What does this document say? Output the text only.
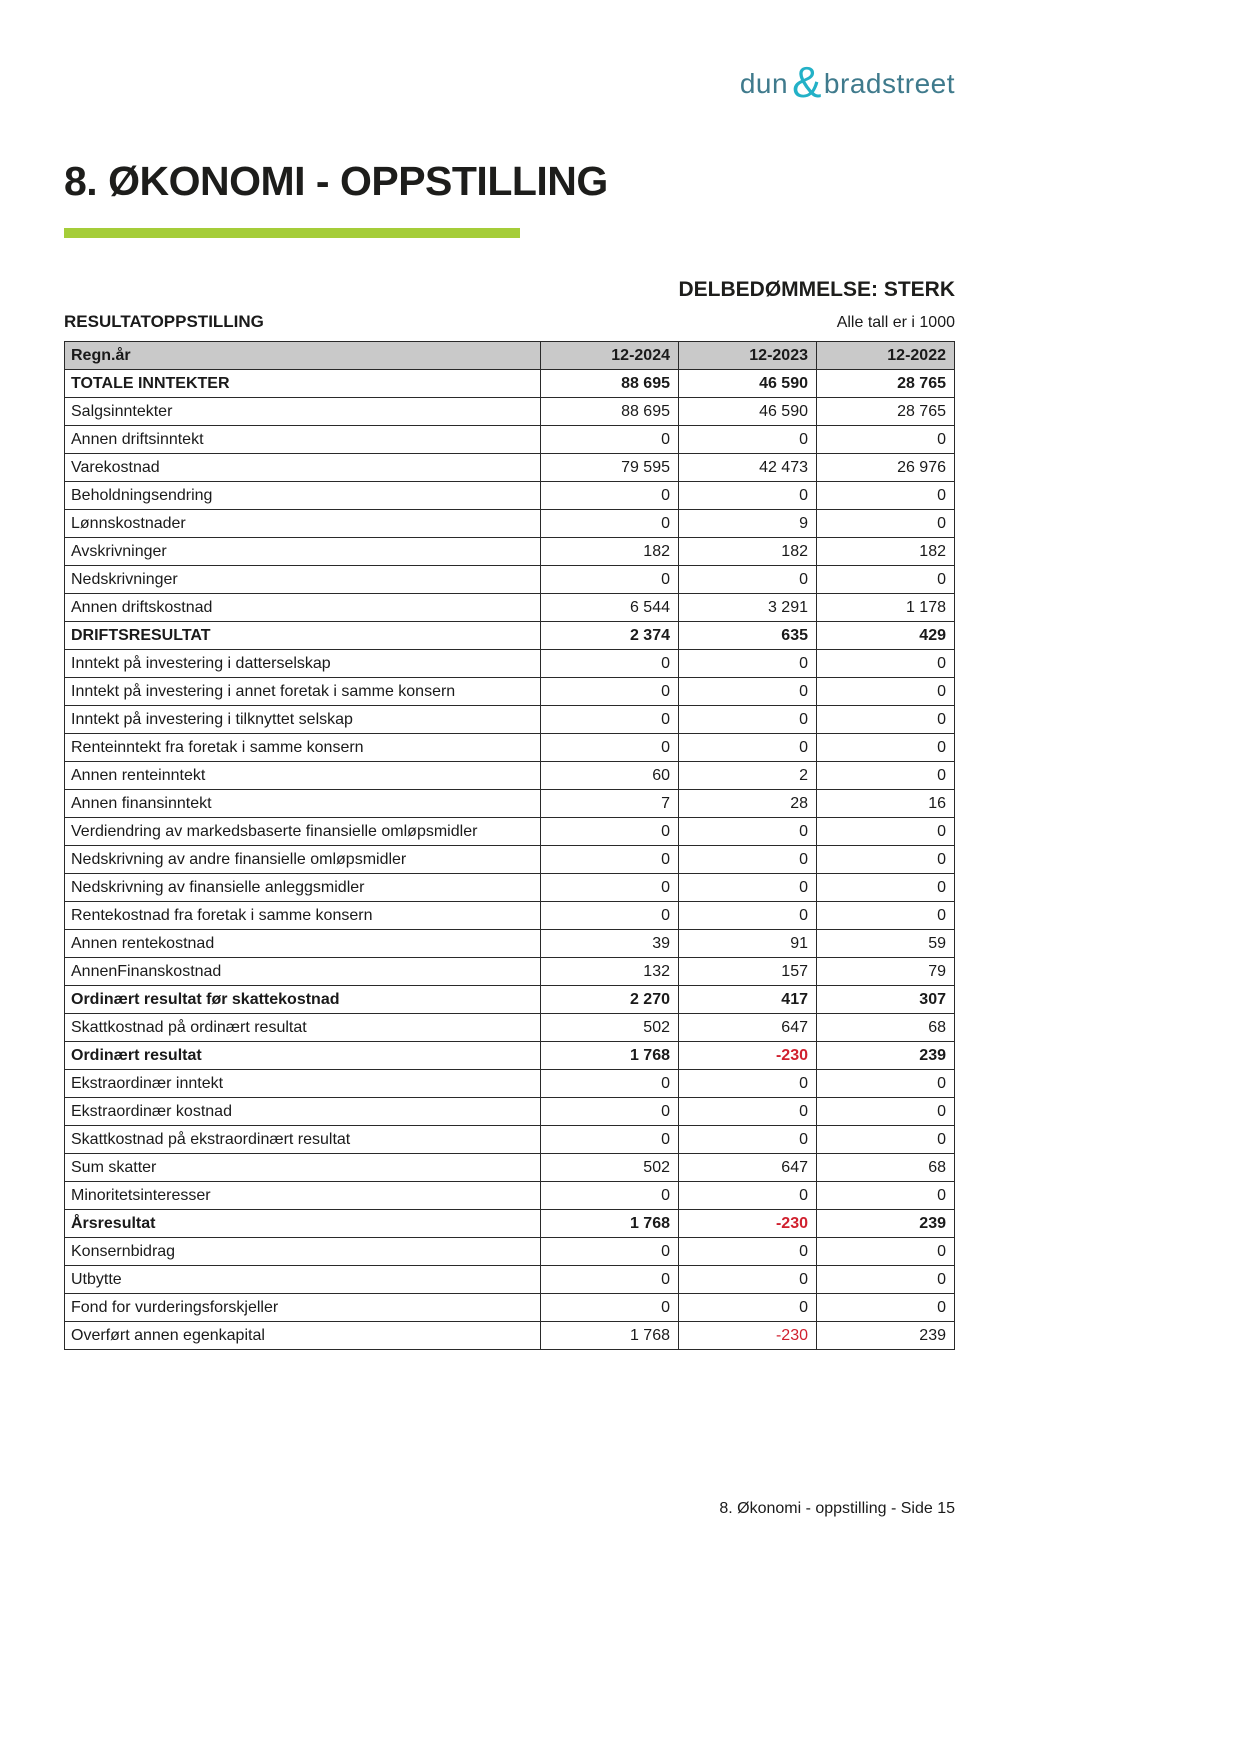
dun & bradstreet
8. ØKONOMI - OPPSTILLING
DELBEDØMMELSE: STERK
RESULTATOPPSTILLING	Alle tall er i 1000
Regn.år	12-2024	12-2023	12-2022
TOTALE INNTEKTER	88 695	46 590	28 765
Salgsinntekter	88 695	46 590	28 765
Annen driftsinntekt	0	0	0
Varekostnad	79 595	42 473	26 976
Beholdningsendring	0	0	0
Lønnskostnader	0	9	0
Avskrivninger	182	182	182
Nedskrivninger	0	0	0
Annen driftskostnad	6 544	3 291	1 178
DRIFTSRESULTAT	2 374	635	429
Inntekt på investering i datterselskap	0	0	0
Inntekt på investering i annet foretak i samme konsern	0	0	0
Inntekt på investering i tilknyttet selskap	0	0	0
Renteinntekt fra foretak i samme konsern	0	0	0
Annen renteinntekt	60	2	0
Annen finansinntekt	7	28	16
Verdiendring av markedsbaserte finansielle omløpsmidler	0	0	0
Nedskrivning av andre finansielle omløpsmidler	0	0	0
Nedskrivning av finansielle anleggsmidler	0	0	0
Rentekostnad fra foretak i samme konsern	0	0	0
Annen rentekostnad	39	91	59
AnnenFinanskostnad	132	157	79
Ordinært resultat før skattekostnad	2 270	417	307
Skattkostnad på ordinært resultat	502	647	68
Ordinært resultat	1 768	-230	239
Ekstraordinær inntekt	0	0	0
Ekstraordinær kostnad	0	0	0
Skattkostnad på ekstraordinært resultat	0	0	0
Sum skatter	502	647	68
Minoritetsinteresser	0	0	0
Årsresultat	1 768	-230	239
Konsernbidrag	0	0	0
Utbytte	0	0	0
Fond for vurderingsforskjeller	0	0	0
Overført annen egenkapital	1 768	-230	239
8. Økonomi - oppstilling - Side 15
